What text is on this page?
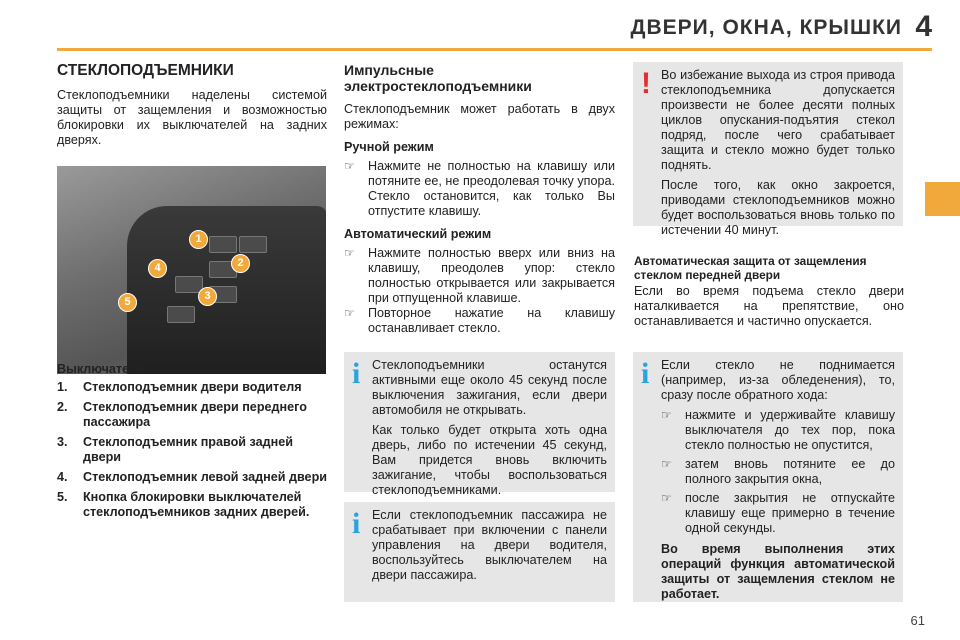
ДВЕРИ, ОКНА, КРЫШКИ 4
СТЕКЛОПОДЪЕМНИКИ
Стеклоподъемники наделены системой защиты от защемления и возможностью блокировки их выключателей на задних дверях.
1
2
3
4
5
Выключатели
1.	Стеклоподъемник двери водителя
2.	Стеклоподъемник двери переднего пассажира
3.	Стеклоподъемник правой задней двери
4.	Стеклоподъемник левой задней двери
5.	Кнопка блокировки выключателей стеклоподъемников задних дверей.
Импульсные
электростеклоподъемники
Стеклоподъемник может работать в двух режимах:
Ручной режим
☞	Нажмите не полностью на клавишу или потяните ее, не преодолевая точку упора. Стекло остановится, как только Вы отпустите клавишу.
Автоматический режим
☞	Нажмите полностью вверх или вниз на клавишу, преодолев упор: стекло полностью открывается или закрывается при отпущенной клавише.
☞	Повторное нажатие на клавишу останавливает стекло.
i Стеклоподъемники останутся активными еще около 45 секунд после выключения зажигания, если двери автомобиля не открывать.

Как только будет открыта хоть одна дверь, либо по истечении 45 секунд, Вам придется вновь включить зажигание, чтобы воспользоваться стеклоподъемниками.

i Если стеклоподъемник пассажира не срабатывает при включении с панели управления на двери водителя, воспользуйтесь выключателем на двери пассажира.

! Во избежание выхода из строя привода стеклоподъемника допускается произвести не более десяти полных циклов опускания-подъятия стекол подряд, после чего срабатывает защита и стекло можно будет только поднять.

После того, как окно закроется, приводами стеклоподъемников можно будет воспользоваться вновь только по истечении 40 минут.

Автоматическая защита от защемления стеклом передней двери
Если во время подъема стекло двери наталкивается на препятствие, оно останавливается и частично опускается.
i Если стекло не поднимается (например, из-за обледенения), то, сразу после обратного хода:

☞	нажмите и удерживайте клавишу выключателя до тех пор, пока стекло полностью не опустится,
☞	затем вновь потяните ее до полного закрытия окна,
☞	после закрытия не отпускайте клавишу еще примерно в течение одной секунды.

Во время выполнения этих операций функция автоматической защиты от защемления стеклом не работает.

61
